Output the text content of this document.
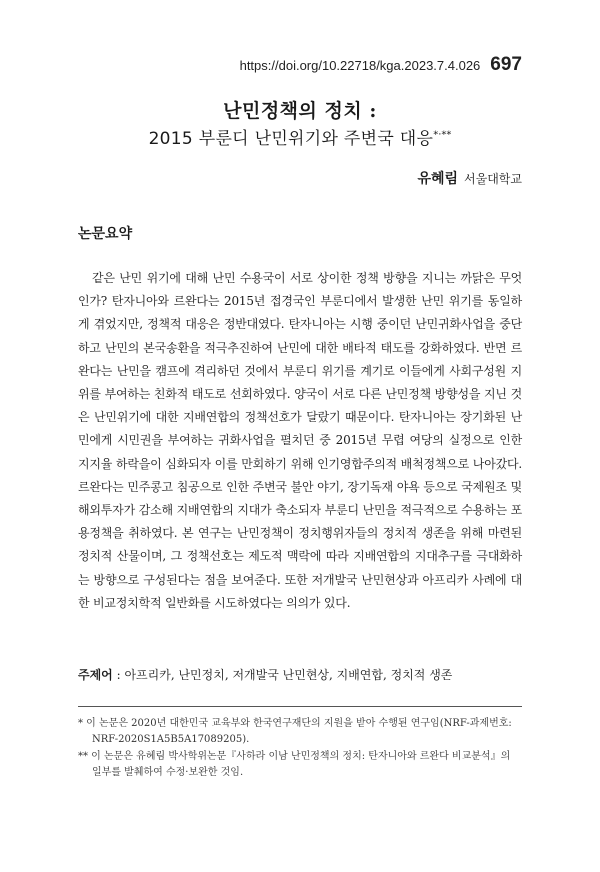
https://doi.org/10.22718/kga.2023.7.4.026 697
난민정책의 정치 :
2015 부룬디 난민위기와 주변국 대응*·**
유혜림 서울대학교
논문요약

같은 난민 위기에 대해 난민 수용국이 서로 상이한 정책 방향을 지니는 까닭은 무엇인가? 탄자니아와 르완다는 2015년 접경국인 부룬디에서 발생한 난민 위기를 동일하게 겪었지만, 정책적 대응은 정반대였다. 탄자니아는 시행 중이던 난민귀화사업을 중단하고 난민의 본국송환을 적극추진하여 난민에 대한 배타적 태도를 강화하였다. 반면 르완다는 난민을 캠프에 격리하던 것에서 부룬디 위기를 계기로 이들에게 사회구성원 지위를 부여하는 친화적 태도로 선회하였다. 양국이 서로 다른 난민정책 방향성을 지닌 것은 난민위기에 대한 지배연합의 정책선호가 달랐기 때문이다. 탄자니아는 장기화된 난민에게 시민권을 부여하는 귀화사업을 펼치던 중 2015년 무렵 여당의 실정으로 인한 지지율 하락을이 심화되자 이를 만회하기 위해 인기영합주의적 배척정책으로 나아갔다. 르완다는 민주콩고 침공으로 인한 주변국 불안 야기, 장기독재 야욕 등으로 국제원조 및 해외투자가 감소해 지배연합의 지대가 축소되자 부룬디 난민을 적극적으로 수용하는 포용정책을 취하였다. 본 연구는 난민정책이 정치행위자들의 정치적 생존을 위해 마련된 정치적 산물이며, 그 정책선호는 제도적 맥락에 따라 지배연합의 지대추구를 극대화하는 방향으로 구성된다는 점을 보여준다. 또한 저개발국 난민현상과 아프리카 사례에 대한 비교정치학적 일반화를 시도하였다는 의의가 있다.

주제어 : 아프리카, 난민정치, 저개발국 난민현상, 지배연합, 정치적 생존

* 이 논문은 2020년 대한민국 교육부와 한국연구재단의 지원을 받아 수행된 연구임(NRF-과제번호: NRF-2020S1A5B5A17089205).

** 이 논문은 유혜림 박사학위논문『사하라 이남 난민정책의 정치: 탄자니아와 르완다 비교분석』의 일부를 발췌하여 수정·보완한 것임.
